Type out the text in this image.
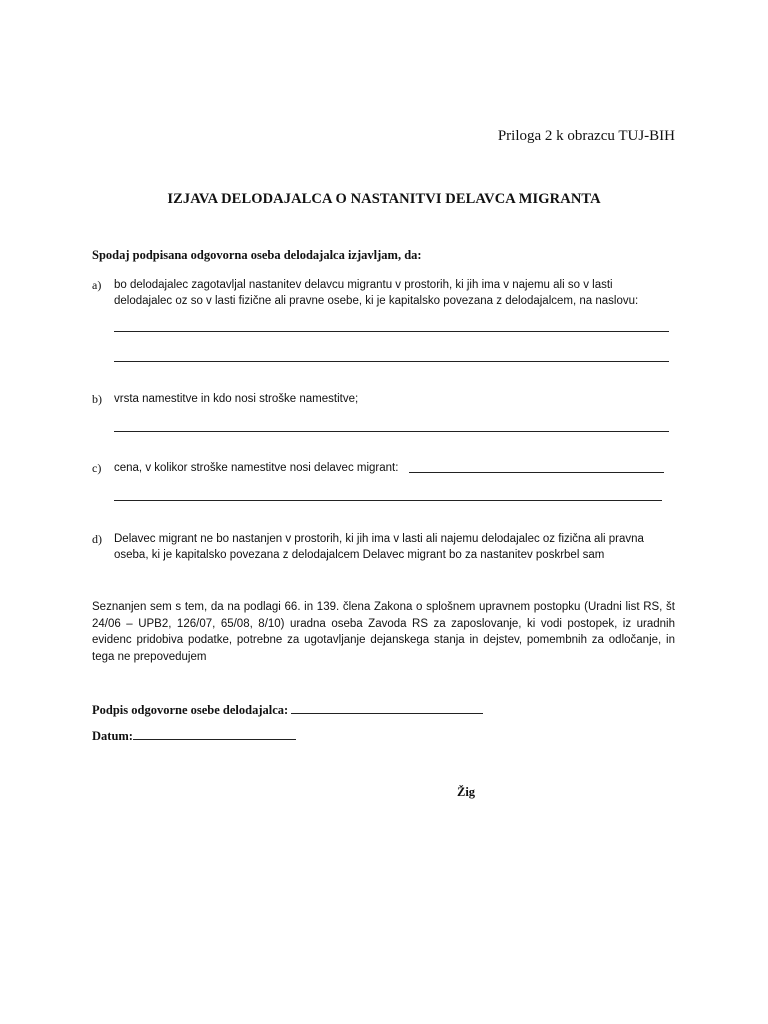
Priloga 2 k obrazcu TUJ-BIH
IZJAVA DELODAJALCA O NASTANITVI DELAVCA MIGRANTA
Spodaj podpisana odgovorna oseba delodajalca izjavljam, da:
a) bo delodajalec zagotavljal nastanitev delavcu migrantu v prostorih, ki jih ima v najemu ali so v lasti
delodajalec oz so v lasti fizične ali pravne osebe, ki je kapitalsko povezana z delodajalcem, na naslovu:
b) vrsta namestitve in kdo nosi stroške namestitve;
c) cena, v kolikor stroške namestitve nosi delavec migrant:
d) Delavec migrant ne bo nastanjen v prostorih, ki jih ima v lasti ali najemu delodajalec oz fizična ali pravna
oseba, ki je kapitalsko povezana z delodajalcem Delavec migrant bo za nastanitev poskrbel sam
Seznanjen sem s tem, da na podlagi 66. in 139. člena Zakona o splošnem upravnem postopku (Uradni list RS, št 24/06 – UPB2, 126/07, 65/08, 8/10) uradna oseba Zavoda RS za zaposlovanje, ki vodi postopek, iz uradnih evidenc pridobiva podatke, potrebne za ugotavljanje dejanskega stanja in dejstev, pomembnih za odločanje, in tega ne prepovedujem
Podpis odgovorne osebe delodajalca:
Datum:
Žig
